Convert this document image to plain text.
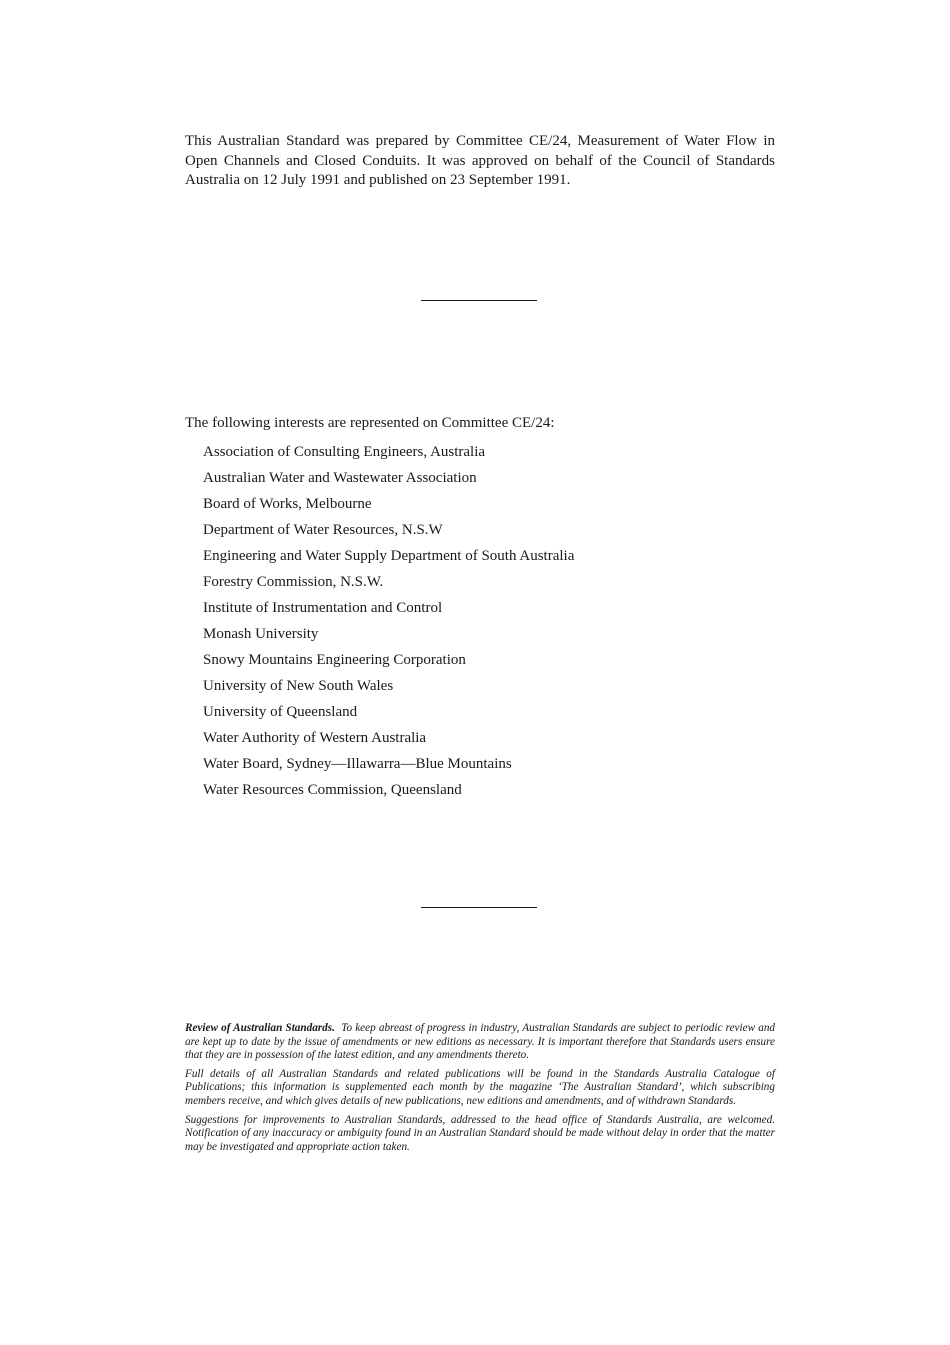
This Australian Standard was prepared by Committee CE/24, Measurement of Water Flow in Open Channels and Closed Conduits. It was approved on behalf of the Council of Standards Australia on 12 July 1991 and published on 23 September 1991.

The following interests are represented on Committee CE/24:

Association of Consulting Engineers, Australia
Australian Water and Wastewater Association
Board of Works, Melbourne
Department of Water Resources, N.S.W
Engineering and Water Supply Department of South Australia
Forestry Commission, N.S.W.
Institute of Instrumentation and Control
Monash University
Snowy Mountains Engineering Corporation
University of New South Wales
University of Queensland
Water Authority of Western Australia
Water Board, Sydney—Illawarra—Blue Mountains
Water Resources Commission, Queensland

Review of Australian Standards. To keep abreast of progress in industry, Australian Standards are subject to periodic review and are kept up to date by the issue of amendments or new editions as necessary. It is important therefore that Standards users ensure that they are in possession of the latest edition, and any amendments thereto.

Full details of all Australian Standards and related publications will be found in the Standards Australia Catalogue of Publications; this information is supplemented each month by the magazine ‘The Australian Standard’, which subscribing members receive, and which gives details of new publications, new editions and amendments, and of withdrawn Standards.

Suggestions for improvements to Australian Standards, addressed to the head office of Standards Australia, are welcomed. Notification of any inaccuracy or ambiguity found in an Australian Standard should be made without delay in order that the matter may be investigated and appropriate action taken.
